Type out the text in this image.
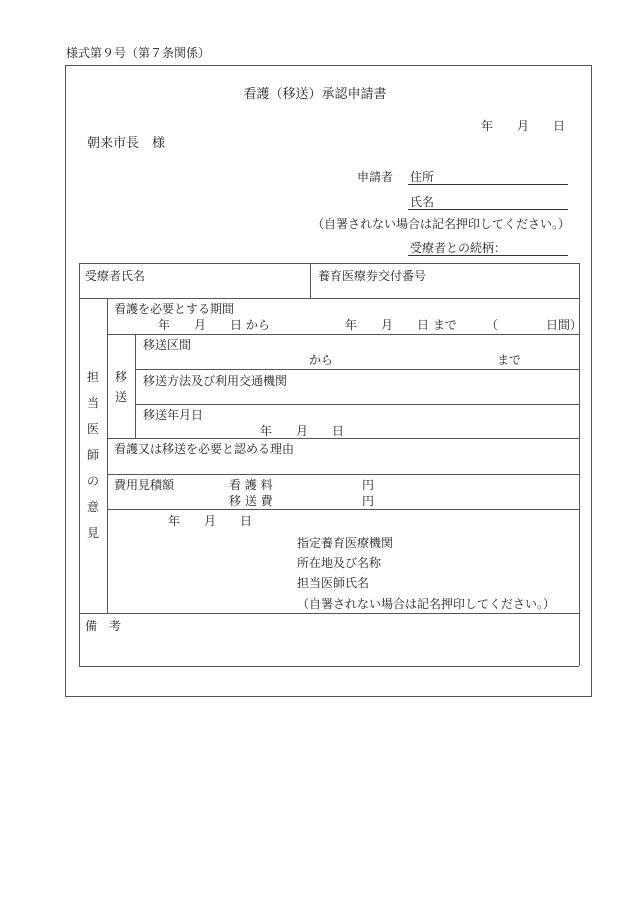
様式第９号（第７条関係）
看護（移送）承認申請書
年　　月　　日
朝来市長　様
申請者 住所
氏名
（自署されない場合は記名押印してください。）
受療者との続柄：
受療者氏名	養育医療券交付番号
担
当
医
師
の
意
見
看護を必要とする期間
年　　月　　日 から	年　　月　　日 まで （　　　　日間）
移
送
移送区間
から	まで
移送方法及び利用交通機関
移送年月日
年　　月　　日
看護又は移送を必要と認める理由
費用見積額	看 護 料	円
移 送 費	円
年　　月　　日
指定養育医療機関
所在地及び名称
担当医師氏名
（自署されない場合は記名押印してください。）
備　考
